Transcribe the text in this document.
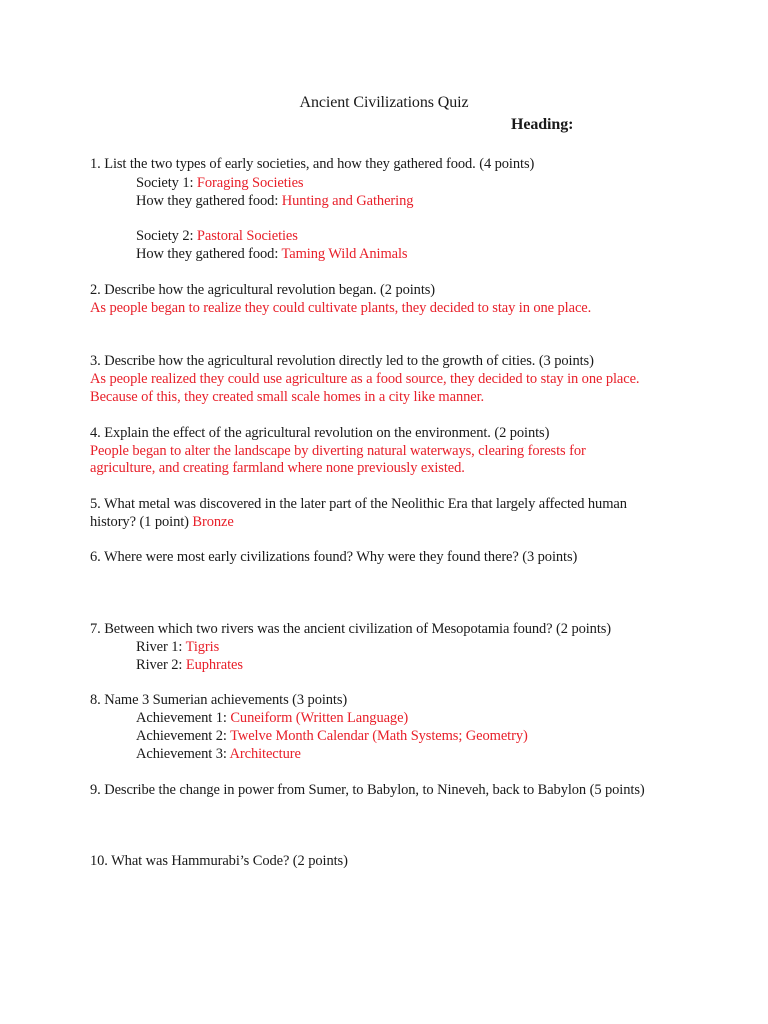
Ancient Civilizations Quiz
Heading:
1. List the two types of early societies, and how they gathered food. (4 points)
Society 1: Foraging Societies
How they gathered food: Hunting and Gathering
Society 2: Pastoral Societies
How they gathered food: Taming Wild Animals
2. Describe how the agricultural revolution began. (2 points)
As people began to realize they could cultivate plants, they decided to stay in one place.
3. Describe how the agricultural revolution directly led to the growth of cities. (3 points)
As people realized they could use agriculture as a food source, they decided to stay in one place.
Because of this, they created small scale homes in a city like manner.
4. Explain the effect of the agricultural revolution on the environment. (2 points)
People began to alter the landscape by diverting natural waterways, clearing forests for
agriculture, and creating farmland where none previously existed.
5. What metal was discovered in the later part of the Neolithic Era that largely affected human
history? (1 point) Bronze
6. Where were most early civilizations found? Why were they found there? (3 points)
7. Between which two rivers was the ancient civilization of Mesopotamia found? (2 points)
River 1: Tigris
River 2: Euphrates
8. Name 3 Sumerian achievements (3 points)
Achievement 1: Cuneiform (Written Language)
Achievement 2: Twelve Month Calendar (Math Systems; Geometry)
Achievement 3: Architecture
9. Describe the change in power from Sumer, to Babylon, to Nineveh, back to Babylon (5 points)
10. What was Hammurabi’s Code? (2 points)
